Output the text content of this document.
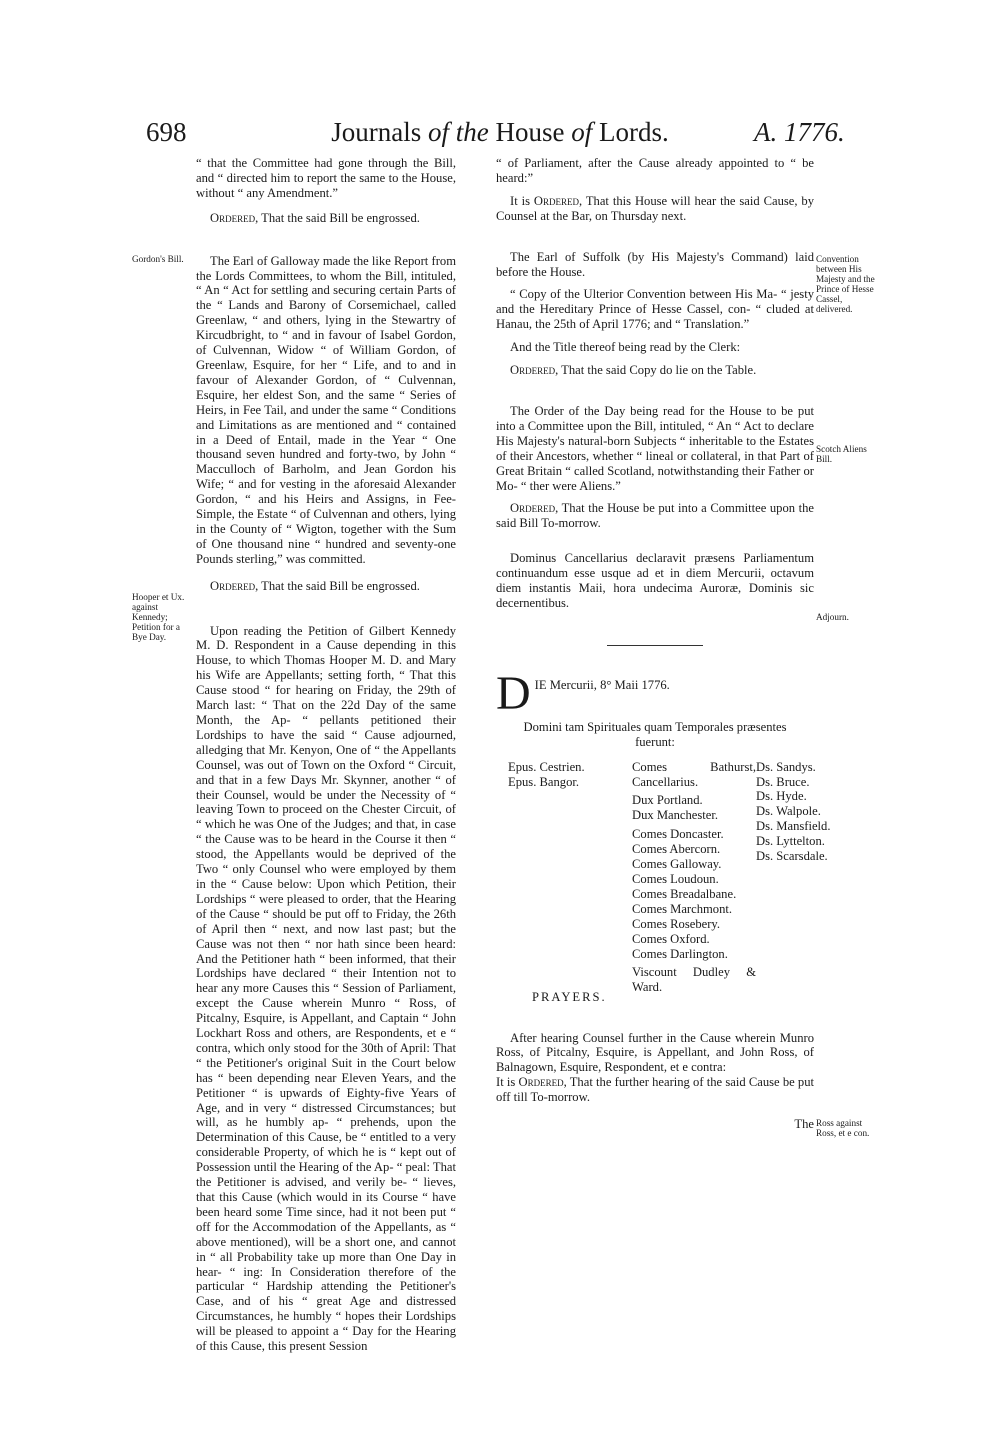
698	Journals of the House of Lords.	A. 1776.
Gordon's Bill.
Hooper et Ux. against Kennedy; Petition for a Bye Day.
Convention between His Majesty and the Prince of Hesse Cassel, delivered.
Scotch Aliens Bill.
Adjourn.
Ross against Ross, et e con.

“ that the Committee had gone through the Bill, and “ directed him to report the same to the House, without “ any Amendment.”

Ordered, That the said Bill be engrossed.

The Earl of Galloway made the like Report from the Lords Committees, to whom the Bill, intituled, “ An “ Act for settling and securing certain Parts of the “ Lands and Barony of Corsemichael, called Greenlaw, “ and others, lying in the Stewartry of Kircudbright, to “ and in favour of Isabel Gordon, of Culvennan, Widow “ of William Gordon, of Greenlaw, Esquire, for her “ Life, and to and in favour of Alexander Gordon, of “ Culvennan, Esquire, her eldest Son, and the same “ Series of Heirs, in Fee Tail, and under the same “ Conditions and Limitations as are mentioned and “ contained in a Deed of Entail, made in the Year “ One thousand seven hundred and forty-two, by John “ Macculloch of Barholm, and Jean Gordon his Wife; “ and for vesting in the aforesaid Alexander Gordon, “ and his Heirs and Assigns, in Fee-Simple, the Estate “ of Culvennan and others, lying in the County of “ Wigton, together with the Sum of One thousand nine “ hundred and seventy-one Pounds sterling,” was committed.

Ordered, That the said Bill be engrossed.

Upon reading the Petition of Gilbert Kennedy M. D. Respondent in a Cause depending in this House, to which Thomas Hooper M. D. and Mary his Wife are Appellants; setting forth, “ That this Cause stood “ for hearing on Friday, the 29th of March last: “ That on the 22d Day of the same Month, the Ap- “ pellants petitioned their Lordships to have the said “ Cause adjourned, alledging that Mr. Kenyon, One of “ the Appellants Counsel, was out of Town on the Oxford “ Circuit, and that in a few Days Mr. Skynner, another “ of their Counsel, would be under the Necessity of “ leaving Town to proceed on the Chester Circuit, of “ which he was One of the Judges; and that, in case “ the Cause was to be heard in the Course it then “ stood, the Appellants would be deprived of the Two “ only Counsel who were employed by them in the “ Cause below: Upon which Petition, their Lordships “ were pleased to order, that the Hearing of the Cause “ should be put off to Friday, the 26th of April then “ next, and now last past; but the Cause was not then “ nor hath since been heard: And the Petitioner hath “ been informed, that their Lordships have declared “ their Intention not to hear any more Causes this “ Session of Parliament, except the Cause wherein Munro “ Ross, of Pitcalny, Esquire, is Appellant, and Captain “ John Lockhart Ross and others, are Respondents, et e “ contra, which only stood for the 30th of April: That “ the Petitioner's original Suit in the Court below has “ been depending near Eleven Years, and the Petitioner “ is upwards of Eighty-five Years of Age, and in very “ distressed Circumstances; but will, as he humbly ap- “ prehends, upon the Determination of this Cause, be “ entitled to a very considerable Property, of which he is “ kept out of Possession until the Hearing of the Ap- “ peal: That the Petitioner is advised, and verily be- “ lieves, that this Cause (which would in its Course “ have been heard some Time since, had it not been put “ off for the Accommodation of the Appellants, as “ above mentioned), will be a short one, and cannot in “ all Probability take up more than One Day in hear- “ ing: In Consideration therefore of the particular “ Hardship attending the Petitioner's Case, and of his “ great Age and distressed Circumstances, he humbly “ hopes their Lordships will be pleased to appoint a “ Day for the Hearing of this Cause, this present Session

“ of Parliament, after the Cause already appointed to “ be heard:”

It is Ordered, That this House will hear the said Cause, by Counsel at the Bar, on Thursday next.

The Earl of Suffolk (by His Majesty's Command) laid before the House.

“ Copy of the Ulterior Convention between His Ma- “ jesty and the Hereditary Prince of Hesse Cassel, con- “ cluded at Hanau, the 25th of April 1776; and “ Translation.”

And the Title thereof being read by the Clerk:

Ordered, That the said Copy do lie on the Table.

The Order of the Day being read for the House to be put into a Committee upon the Bill, intituled, “ An “ Act to declare His Majesty's natural-born Subjects “ inheritable to the Estates of their Ancestors, whether “ lineal or collateral, in that Part of Great Britain “ called Scotland, notwithstanding their Father or Mo- “ ther were Aliens.”

Ordered, That the House be put into a Committee upon the said Bill To-morrow.

Dominus Cancellarius declaravit præsens Parliamentum continuandum esse usque ad et in diem Mercurii, octavum diem instantis Maii, hora undecima Auroræ, Dominis sic decernentibus.

D IE Mercurii, 8° Maii 1776.

Domini tam Spirituales quam Temporales præsentes fuerunt:

Epus. Cestrien.
Epus. Bangor.
Comes Bathurst, Cancellarius.
Dux Portland.
Dux Manchester.
Comes Doncaster.
Comes Abercorn.
Comes Galloway.
Comes Loudoun.
Comes Breadalbane.
Comes Marchmont.
Comes Rosebery.
Comes Oxford.
Comes Darlington.
Viscount Dudley & Ward.
Ds. Sandys.
Ds. Bruce.
Ds. Hyde.
Ds. Walpole.
Ds. Mansfield.
Ds. Lyttelton.
Ds. Scarsdale.
PRAYERS.

After hearing Counsel further in the Cause wherein Munro Ross, of Pitcalny, Esquire, is Appellant, and John Ross, of Balnagown, Esquire, Respondent, et e contra:

It is Ordered, That the further hearing of the said Cause be put off till To-morrow.

The
